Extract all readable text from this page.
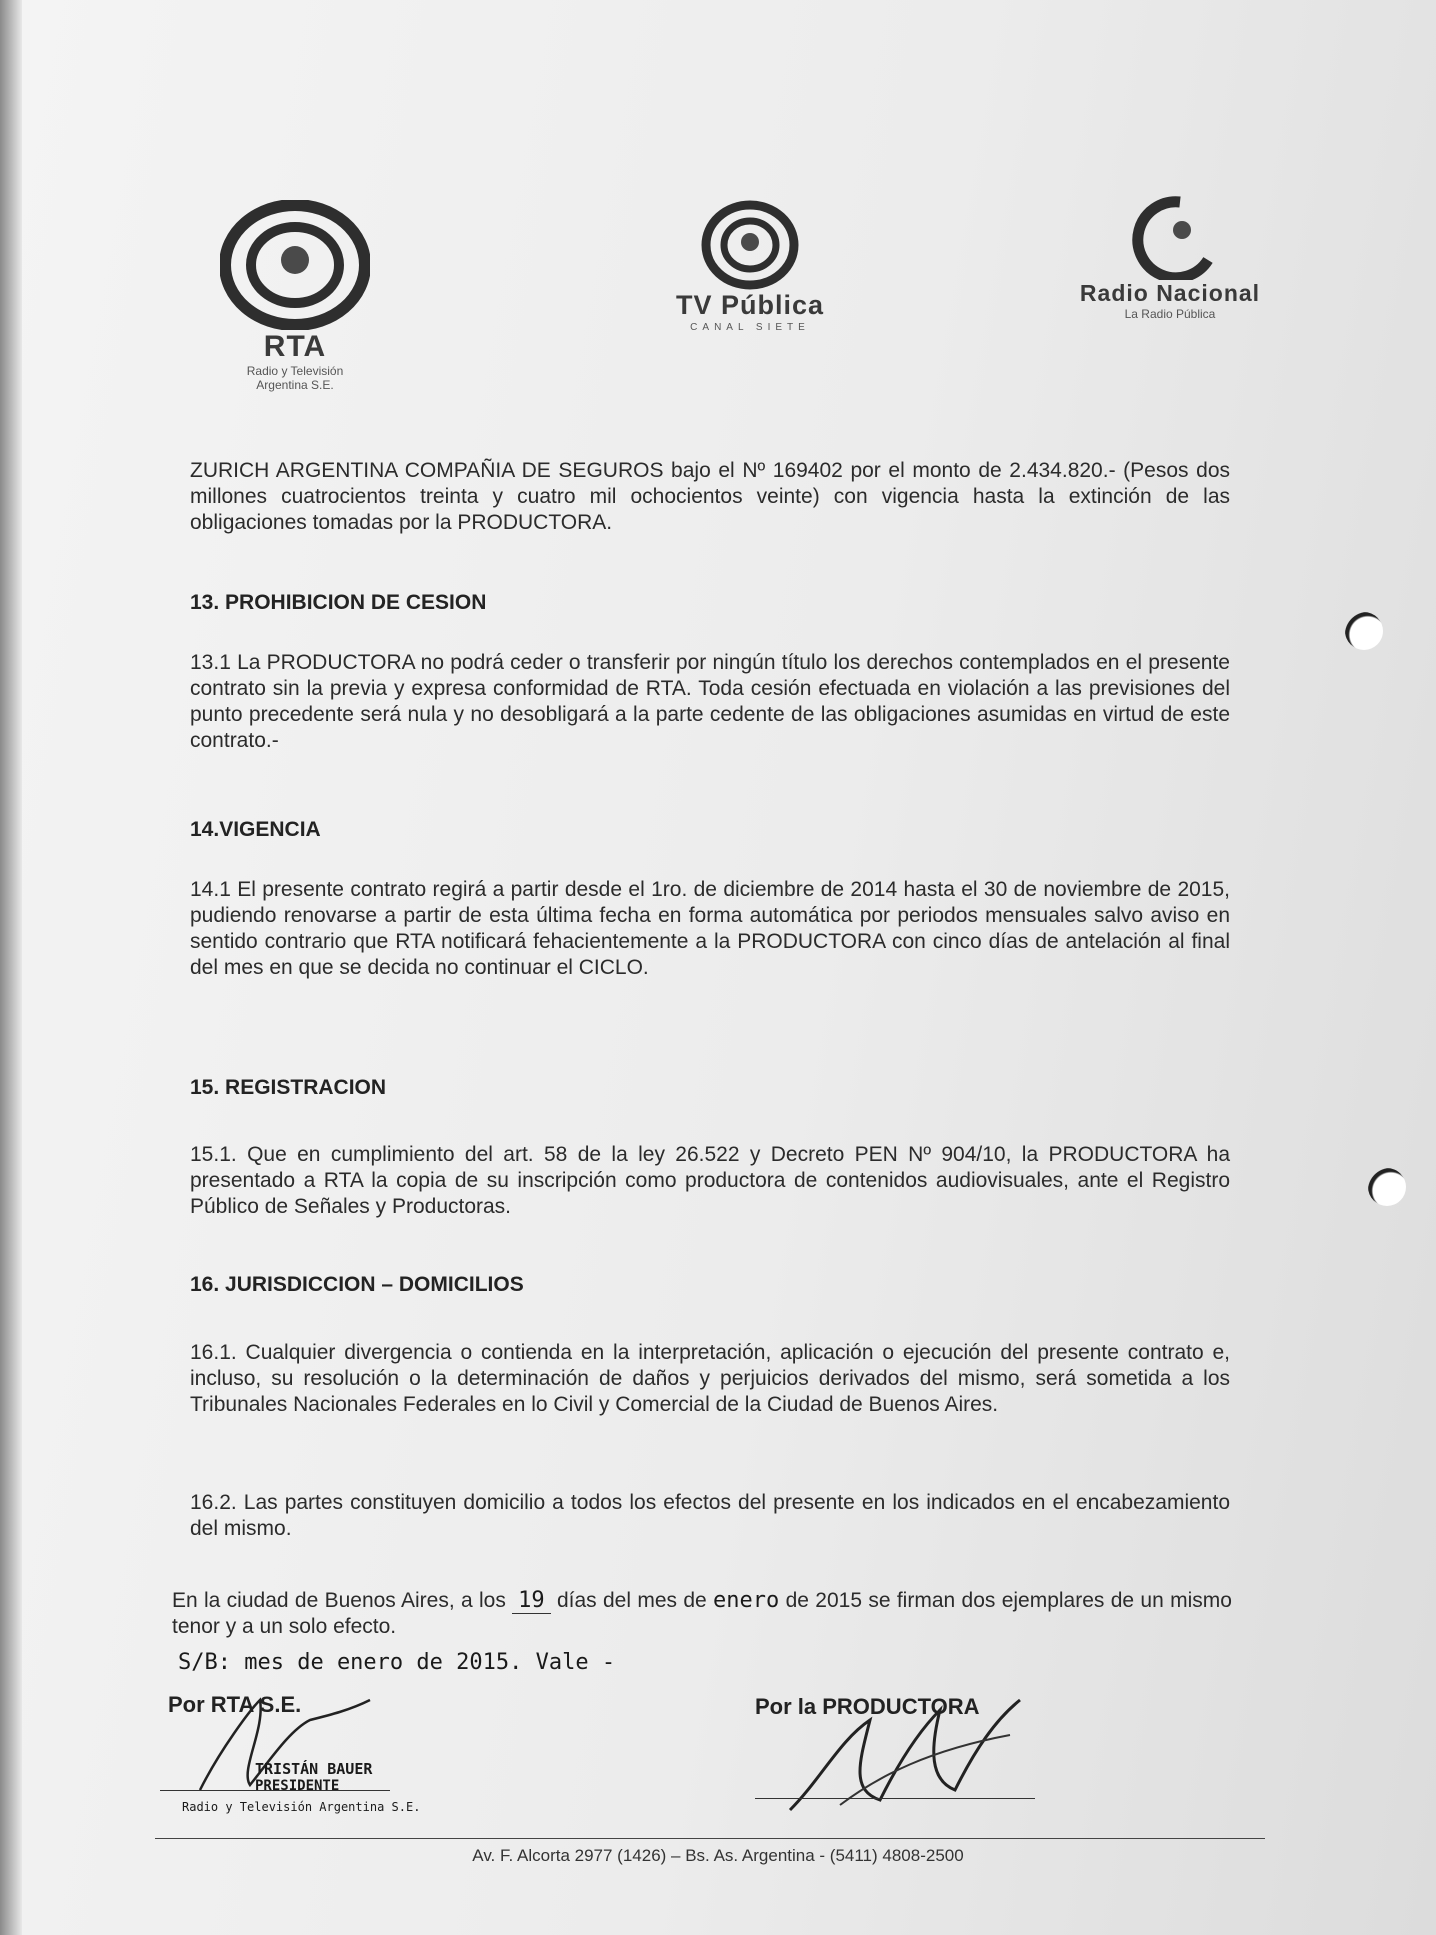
RTA
Radio y Televisión
Argentina S.E.
TV Pública
CANAL SIETE
Radio Nacional
La Radio Pública
ZURICH ARGENTINA COMPAÑIA DE SEGUROS bajo el Nº 169402 por el monto de 2.434.820.- (Pesos dos millones cuatrocientos treinta y cuatro mil ochocientos veinte) con vigencia hasta la extinción de las obligaciones tomadas por la PRODUCTORA.
13. PROHIBICION DE CESION
13.1 La PRODUCTORA no podrá ceder o transferir por ningún título los derechos contemplados en el presente contrato sin la previa y expresa conformidad de RTA. Toda cesión efectuada en violación a las previsiones del punto precedente será nula y no desobligará a la parte cedente de las obligaciones asumidas en virtud de este contrato.-
14.VIGENCIA
14.1 El presente contrato regirá a partir desde el 1ro. de diciembre de 2014 hasta el 30 de noviembre de 2015, pudiendo renovarse a partir de esta última fecha en forma automática por periodos mensuales salvo aviso en sentido contrario que RTA notificará fehacientemente a la PRODUCTORA con cinco días de antelación al final del mes en que se decida no continuar el CICLO.
15. REGISTRACION
15.1. Que en cumplimiento del art. 58 de la ley 26.522 y Decreto PEN Nº 904/10, la PRODUCTORA ha presentado a RTA la copia de su inscripción como productora de contenidos audiovisuales, ante el Registro Público de Señales y Productoras.
16. JURISDICCION – DOMICILIOS
16.1. Cualquier divergencia o contienda en la interpretación, aplicación o ejecución del presente contrato e, incluso, su resolución o la determinación de daños y perjuicios derivados del mismo, será sometida a los Tribunales Nacionales Federales en lo Civil y Comercial de la Ciudad de Buenos Aires.
16.2. Las partes constituyen domicilio a todos los efectos del presente en los indicados en el encabezamiento del mismo.
En la ciudad de Buenos Aires, a los 19 días del mes de enero de 2015 se firman dos ejemplares de un mismo tenor y a un solo efecto.
S/B: mes de enero de 2015. Vale -
Por RTA S.E.
TRISTÁN BAUER
PRESIDENTE
Radio y Televisión Argentina S.E.
Por la PRODUCTORA
Av. F. Alcorta 2977 (1426) – Bs. As. Argentina - (5411) 4808-2500
